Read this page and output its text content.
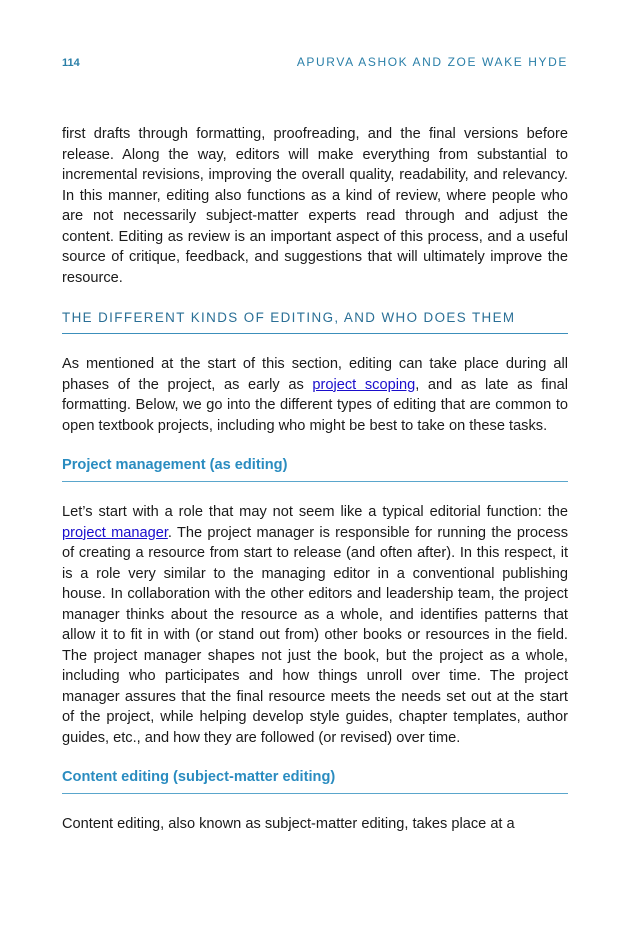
114	APURVA ASHOK AND ZOE WAKE HYDE

first drafts through formatting, proofreading, and the final versions before release. Along the way, editors will make everything from substantial to incremental revisions, improving the overall quality, readability, and relevancy. In this manner, editing also functions as a kind of review, where people who are not necessarily subject-matter experts read through and adjust the content. Editing as review is an important aspect of this process, and a useful source of critique, feedback, and suggestions that will ultimately improve the resource.

THE DIFFERENT KINDS OF EDITING, AND WHO DOES THEM

As mentioned at the start of this section, editing can take place during all phases of the project, as early as project scoping, and as late as final formatting. Below, we go into the different types of editing that are common to open textbook projects, including who might be best to take on these tasks.

Project management (as editing)

Let’s start with a role that may not seem like a typical editorial function: the project manager. The project manager is responsible for running the process of creating a resource from start to release (and often after). In this respect, it is a role very similar to the managing editor in a conventional publishing house. In collaboration with the other editors and leadership team, the project manager thinks about the resource as a whole, and identifies patterns that allow it to fit in with (or stand out from) other books or resources in the field. The project manager shapes not just the book, but the project as a whole, including who participates and how things unroll over time. The project manager assures that the final resource meets the needs set out at the start of the project, while helping develop style guides, chapter templates, author guides, etc., and how they are followed (or revised) over time.

Content editing (subject-matter editing)

Content editing, also known as subject-matter editing, takes place at a
